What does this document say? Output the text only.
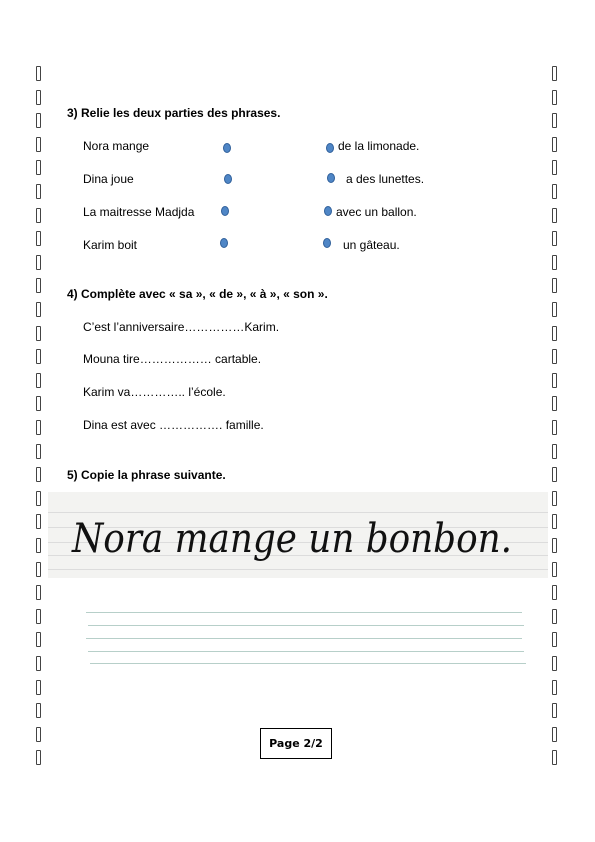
3) Relie les deux parties des phrases.
Nora mange
Dina joue
La maitresse Madjda
Karim boit
de la limonade.
a des lunettes.
avec un ballon.
un gâteau.
4) Complète avec « sa », « de », « à », « son ».
C’est l’anniversaire……………Karim.
Mouna tire……………… cartable.
Karim va………….. l’école.
Dina est avec ……………. famille.
5) Copie la phrase suivante.
Nora mange un bonbon.
Page 2/2
